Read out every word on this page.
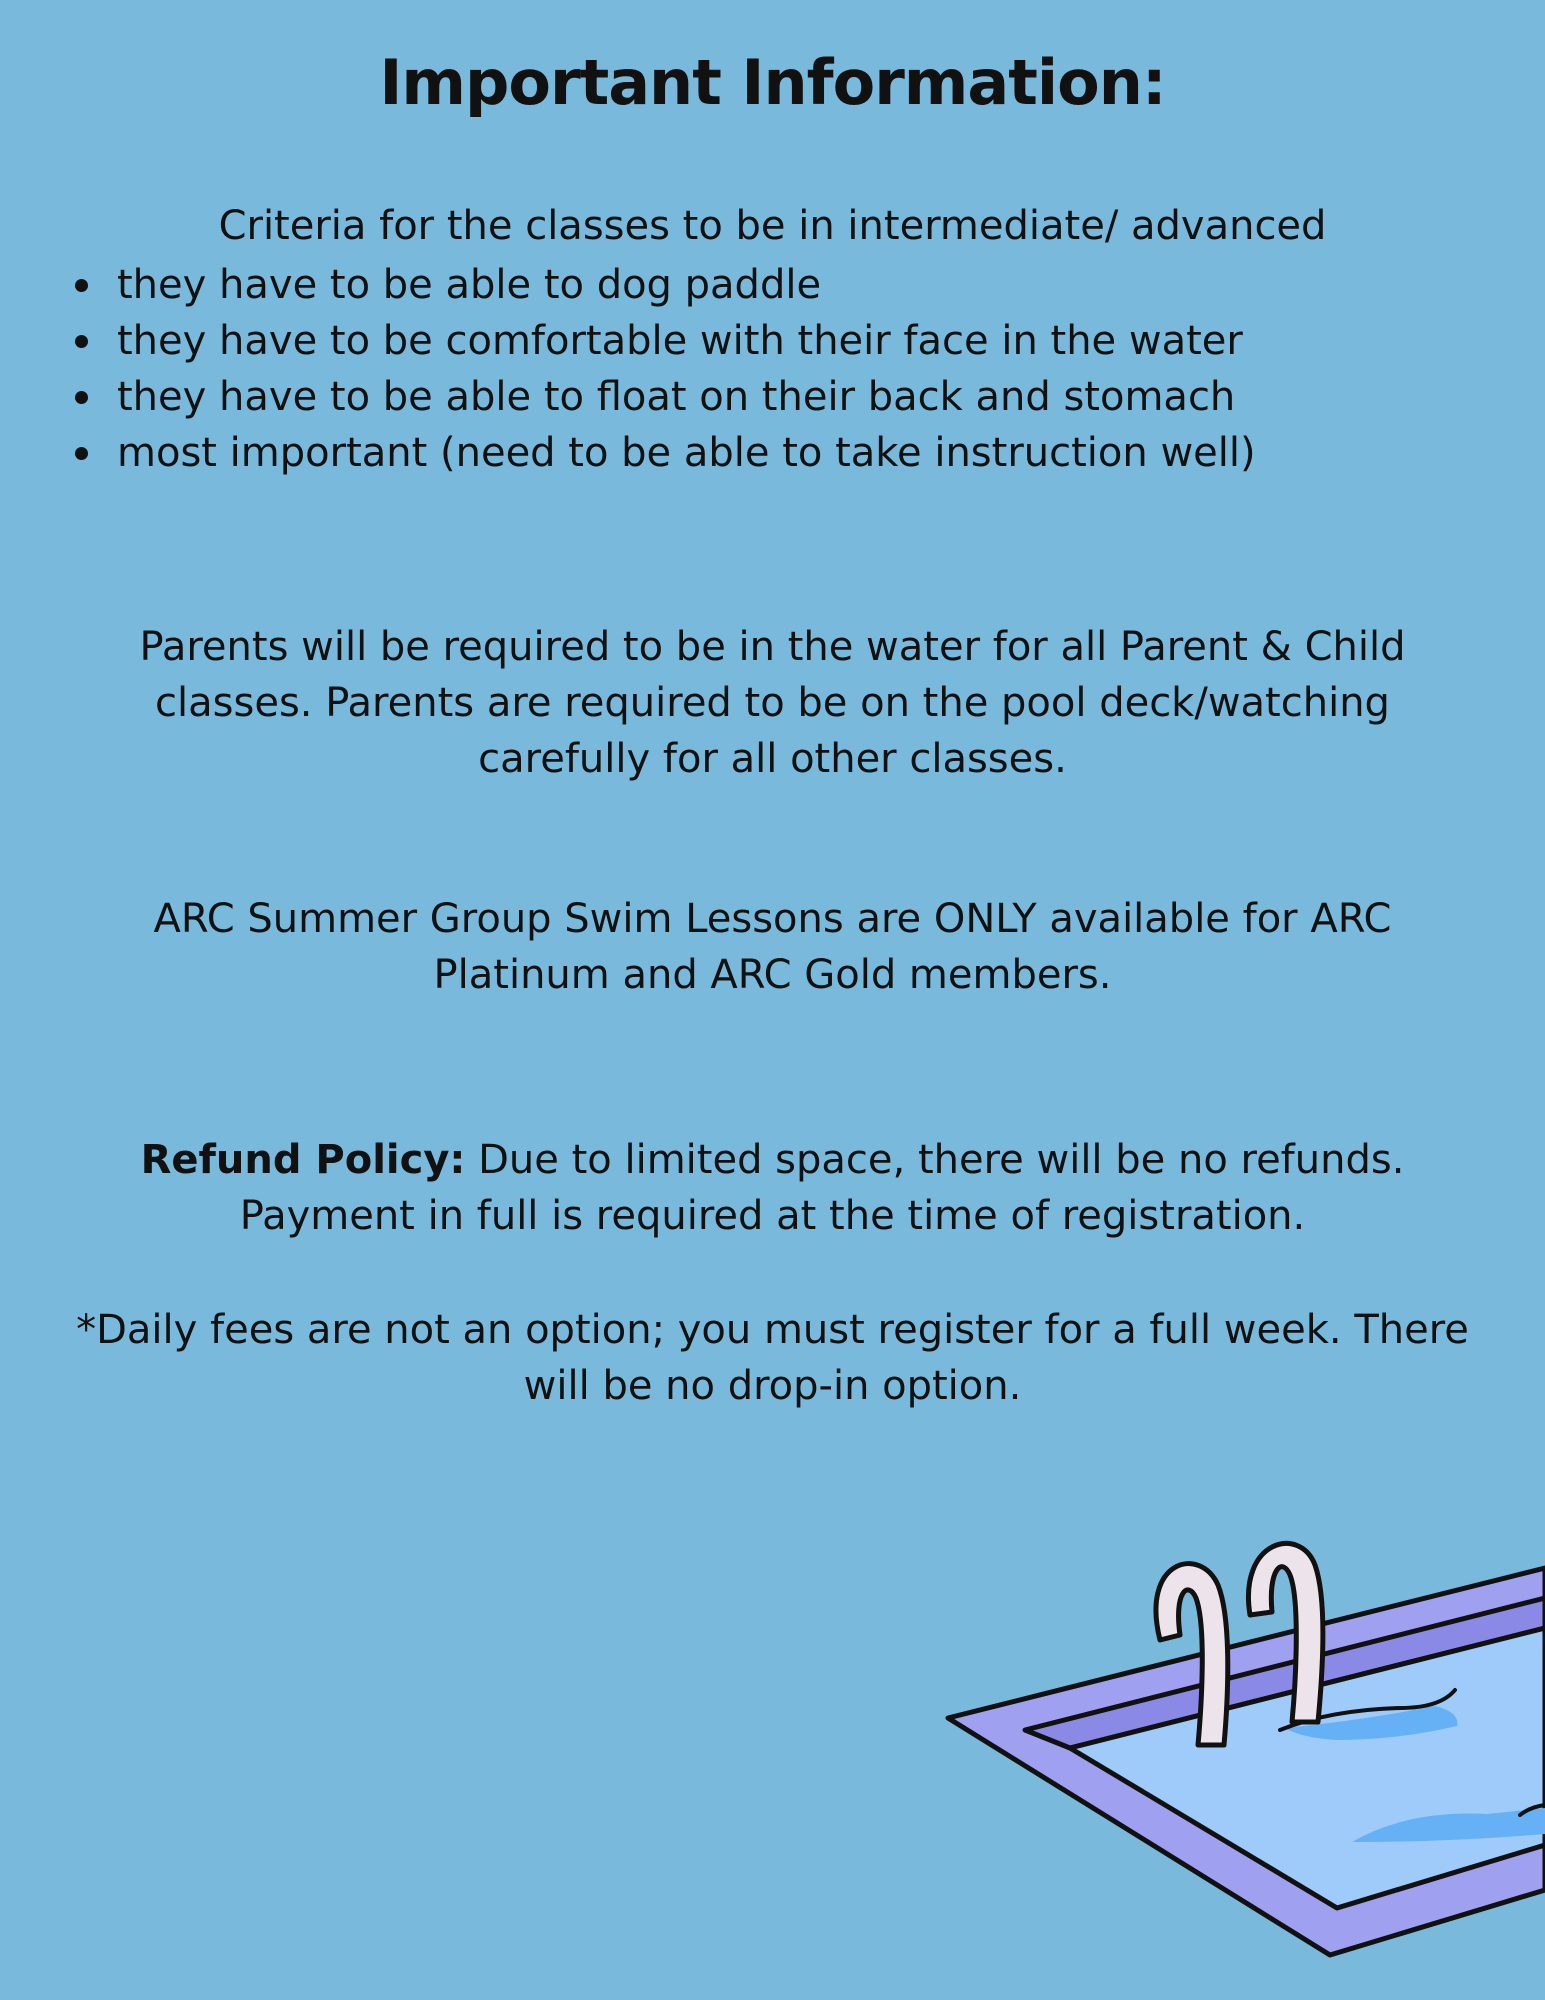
Important Information:

Criteria for the classes to be in intermediate/ advanced

they have to be able to dog paddle
they have to be comfortable with their face in the water
they have to be able to float on their back and stomach
most important (need to be able to take instruction well)

Parents will be required to be in the water for all Parent & Child classes. Parents are required to be on the pool deck/watching carefully for all other classes.

ARC Summer Group Swim Lessons are ONLY available for ARC Platinum and ARC Gold members.

Refund Policy: Due to limited space, there will be no refunds. Payment in full is required at the time of registration.

*Daily fees are not an option; you must register for a full week. There will be no drop-in option.
